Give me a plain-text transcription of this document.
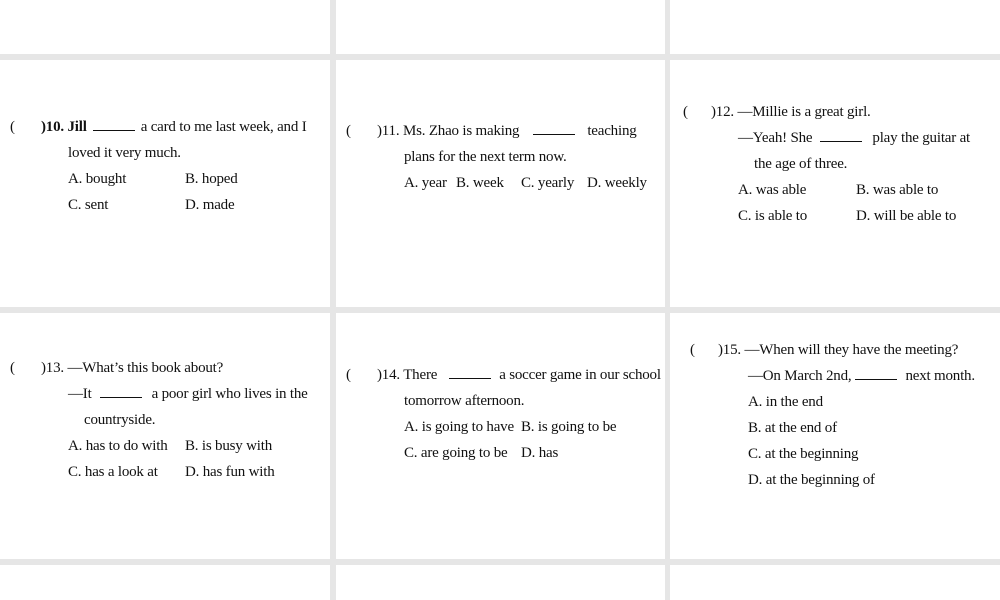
( )10. Jill	a card to me last week, and I
loved it very much.
A. bought	B. hoped
C. sent	D. made
( )11. Ms. Zhao is making	teaching
plans for the next term now.
A. year B. week C. yearly D. weekly
( )12. —Millie is a great girl.
—Yeah! She	play the guitar at
the age of three.
A. was able	B. was able to
C. is able to	D. will be able to
( )13. —What’s this book about?
—It	a poor girl who lives in the
countryside.
A. has to do with B. is busy with
C. has a look at D. has fun with
( )14. There	a soccer game in our school
tomorrow afternoon.
A. is going to have B. is going to be
C. are going to be D. has
( )15. —When will they have the meeting?
—On March 2nd,	next month.
A. in the end
B. at the end of
C. at the beginning
D. at the beginning of
